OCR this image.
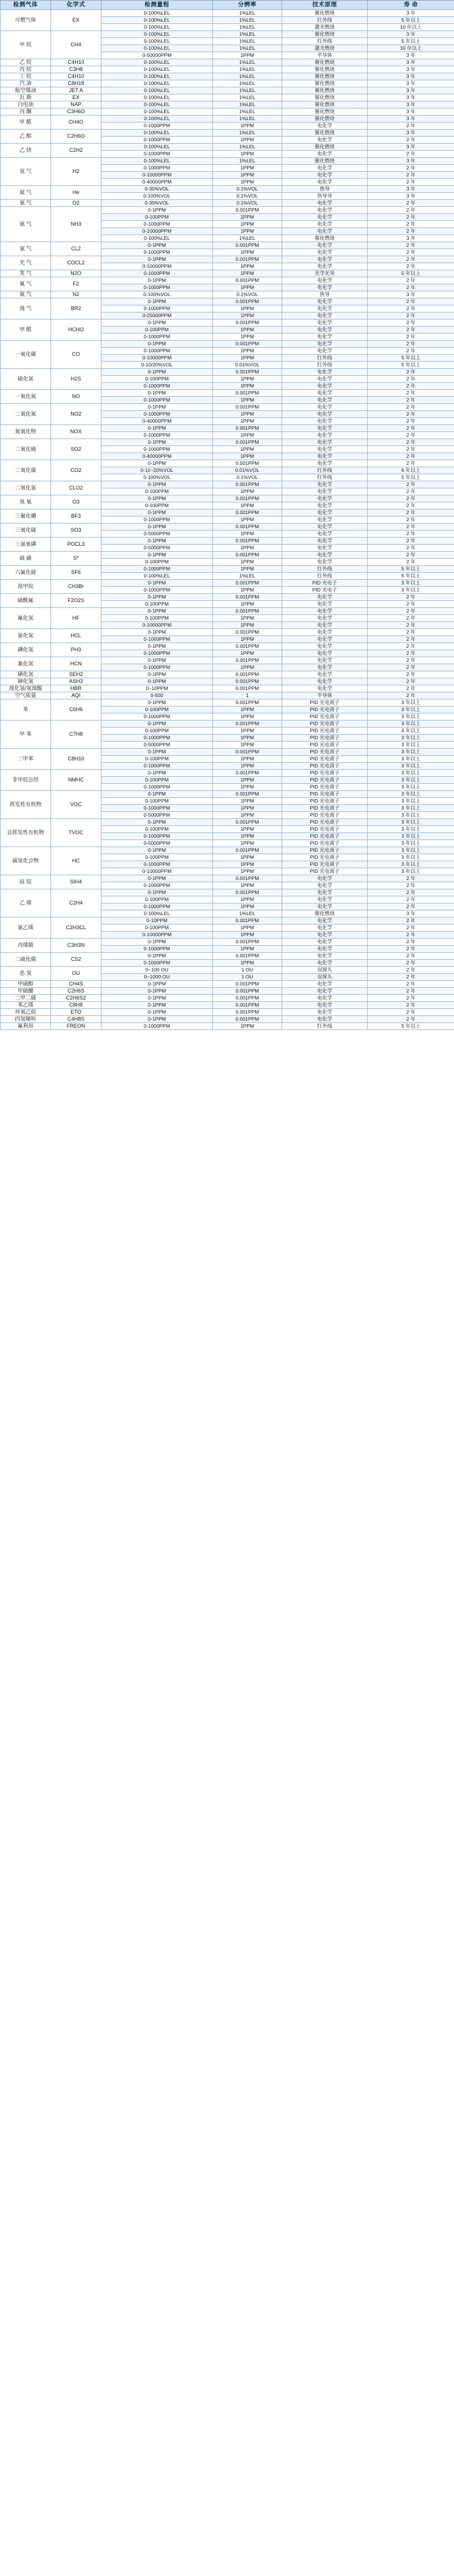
检测气体	化学式	检测量程	分辨率	技术原理	寿 命
可燃气体	EX	0-100%LEL	1%LEL	催化燃烧	3 年
		0-100%LEL	1%LEL	红外线	5 年以上
		0-100%LEL	1%LEL	激光燃烧	10 年以上
甲 烷	CH4	0-100%LEL	1%LEL	催化燃烧	3 年
		0-100%LEL	1%LEL	红外线	5 年以上
		0-100%LEL	1%LEL	激光燃烧	10 年以上
		0-50000PPM	1PPM	半导体	3 年
乙 烷	C4H10	0-100%LEL	1%LEL	催化燃烧	3 年
丙 烷	C3H8	0-100%LEL	1%LEL	催化燃烧	3 年
丁 烷	C4H10	0-100%LEL	1%LEL	催化燃烧	3 年
汽 油	C8H18	0-100%LEL	1%LEL	催化燃烧	3 年
航空煤油	JET A	0-100%LEL	1%LEL	催化燃烧	3 年
瓦 斯	EX	0-100%LEL	1%LEL	催化燃烧	3 年
白电油	NAP	0-100%LEL	1%LEL	催化燃烧	3 年
丙 酮	C3H6O	0-100%LEL	1%LEL	催化燃烧	3 年
甲 醛	CH4O	0-100%LEL	1%LEL	催化燃烧	3 年
		0-1000PPM	1PPM	电化学	2 年
乙 醇	C2H6O	0-100%LEL	1%LEL	催化燃烧	3 年
		0-1000PPM	1PPM	电化学	2 年
乙 炔	C2H2	0-100%LEL	1%LEL	催化燃烧	3 年
		0-1000PPM	1PPM	电化学	2 年
氢 气	H2	0-100%LEL	1%LEL	催化燃烧	3 年
		0-1000PPM	1PPM	电化学	2 年
		0-10000PPM	1PPM	电化学	2 年
		0-40000PPM	1PPM	电化学	2 年
氦 气	He	0-30%VOL	0.1%VOL	热导	3 年
		0-100%VOL	0.1%VOL	热导导	3 年
氧 气	O2	0-30%VOL	0.1%VOL	电化学	2 年
氨 气	NH3	0-1PPM	0.001PPM	电化学	2 年
		0-100PPM	1PPM	电化学	2 年
		0-1000PPM	1PPM	电化学	2 年
		0-10000PPM	1PPM	电化学	2 年
		0-100%LEL	1%LEL	催化燃烧	3 年
氯 气	CL2	0-1PPM	0.001PPM	电化学	2 年
		0-1000PPM	1PPM	电化学	2 年
光 气	COCL2	0-1PPM	0.001PPM	电化学	2 年
		0-10000PPM	1PPM	电化学	2 年
笑 气	N2O	0-1000PPM	1PPM	光学光导	5 年以上
氟 气	F2	0-1PPM	0.001PPM	电化学	2 年
		0-1000PPM	1PPM	电化学	2 年
氮 气	N2	0-100%VOL	0.1%VOL	热导	3 年
溴 气	BR2	0-1PPM	0.001PPM	电化学	2 年
		0-1000PPM	1PPM	电化学	2 年
		0-25000PPM	1PPM	电化学	2 年
甲 醛	HCHO	0-1PPM	0.001PPM	电化学	2 年
		0-100PPM	1PPM	电化学	2 年
		0-1000PPM	1PPM	电化学	2 年
一氧化碳	CO	0-1PPM	0.001PPM	电化学	2 年
		0-1000PPM	1PPM	电化学	2 年
		0-10000PPM	1PPM	红外线	5 年以上
		0-10/20%VOL	0.01%VOL	红外线	5 年以上
硫化氢	H2S	0-1PPM	0.001PPM	电化学	2 年
		0-100PPM	1PPM	电化学	2 年
		0-1000PPM	1PPM	电化学	2 年
一氧化氮	NO	0-1PPM	0.001PPM	电化学	2 年
		0-1000PPM	1PPM	电化学	2 年
二氧化氮	NO2	0-1PPM	0.001PPM	电化学	2 年
		0-1000PPM	1PPM	电化学	2 年
		0-40000PPM	1PPM	电化学	2 年
氮氧化物	NOX	0-1PPM	0.001PPM	电化学	2 年
		0-1000PPM	1PPM	电化学	2 年
二氧化硫	SO2	0-1PPM	0.001PPM	电化学	2 年
		0-1000PPM	1PPM	电化学	2 年
		0-40000PPM	1PPM	电化学	2 年
二氧化碳	CO2	0-1PPM	0.001PPM	电化学	2 年
		0-10~20%VOL	0.01%VOL	红外线	6 年以上
		0-100%VOL	0.1%VOL	红外线	5 年以上
二氧化氯	CLO2	0-1PPM	0.001PPM	电化学	2 年
		0-100PPM	1PPM	电化学	2 年
臭 氧	O3	0-1PPM	0.001PPM	电化学	2 年
		0-100PPM	1PPM	电化学	2 年
三氟化硼	BF3	0-1PPM	0.001PPM	电化学	2 年
		0-1000PPM	1PPM	电化学	2 年
三氧化硫	SO3	0-1PPM	0.001PPM	电化学	2 年
		0-5000PPM	1PPM	电化学	2 年
三氯氧磷	POCL3	0-1PPM	0.001PPM	电化学	2 年
		0-5000PPM	1PPM	电化学	2 年
硫 磺	S*	0-1PPM	0.001PPM	电化学	2 年
		0-100PPM	1PPM	电化学	2 年
六氟化硫	SF6	0-1000PPM	1PPM	红外线	5 年以上
		0-100%LEL	1%LEL	红外线	5 年以上
溴甲烷	CH3Br	0-1PPM	0.001PPM	PID 光电子	3 年以上
		0-1000PPM	1PPM	PID 光电子	3 年以上
硫酰氟	F2O2S	0-1PPM	0.001PPM	电化学	2 年
		0-100PPM	1PPM	电化学	2 年
氟化氢	HF	0-1PPM	0.001PPM	电化学	2 年
		0-100PPM	1PPM	电化学	2 年
		0-10000PPM	1PPM	电化学	2 年
氯化氢	HCL	0-1PPM	0.001PPM	电化学	2 年
		0-1000PPM	1PPM	电化学	2 年
磷化氢	PH3	0-1PPM	0.001PPM	电化学	2 年
		0-1000PPM	1PPM	电化学	2 年
氰化氢	HCN	0-1PPM	0.001PPM	电化学	2 年
		0-1000PPM	1PPM	电化学	2 年
硒化氢	SEH2	0-1PPM	0.001PPM	电化学	2 年
砷化氢	ASH3	0-1PPM	0.001PPM	电化学	2 年
溴化氢/氢溴酸	HBR	0~10PPM	0.001PPM	电化学	2 年
空气质量	AQI	0-500	1	半导体	2 年
苯	C6H6	0-1PPM	0.001PPM	PID 光电离子	3 年以上
		0-100PPM	1PPM	PID 光电离子	3 年以上
		0-1000PPM	1PPM	PID 光电离子	3 年以上
甲 苯	C7H8	0-1PPM	0.001PPM	PID 光电离子	3 年以上
		0-100PPM	1PPM	PID 光电离子	3 年以上
		0-1000PPM	1PPM	PID 光电离子	3 年以上
		0-5000PPM	1PPM	PID 光电离子	3 年以上
二甲苯	C8H10	0-1PPM	0.001PPM	PID 光电离子	3 年以上
		0-100PPM	1PPM	PID 光电离子	3 年以上
		0-1000PPM	1PPM	PID 光电离子	3 年以上
非甲烷总烃	NMHC	0-1PPM	0.001PPM	PID 光电离子	3 年以上
		0-100PPM	1PPM	PID 光电离子	3 年以上
		0-1000PPM	1PPM	PID 光电离子	3 年以上
挥发性有机物	VOC	0-1PPM	0.001PPM	PID 光电离子	3 年以上
		0-100PPM	1PPM	PID 光电离子	3 年以上
		0-1000PPM	1PPM	PID 光电离子	3 年以上
		0-5000PPM	1PPM	PID 光电离子	3 年以上
总挥发性有机物	TVOC	0-1PPM	0.001PPM	PID 光电离子	3 年以上
		0-100PPM	1PPM	PID 光电离子	3 年以上
		0-1000PPM	1PPM	PID 光电离子	3 年以上
		0-5000PPM	1PPM	PID 光电离子	3 年以上
碳氢化合物	HC	0-1PPM	0.001PPM	PID 光电离子	3 年以上
		0-100PPM	1PPM	PID 光电离子	3 年以上
		0-1000PPM	1PPM	PID 光电离子	3 年以上
		0-10000PPM	1PPM	PID 光电离子	3 年以上
硅 烷	SIH4	0-1PPM	0.001PPM	电化学	2 年
		0-1000PPM	1PPM	电化学	2 年
乙 烯	C2H4	0-1PPM	0.001PPM	电化学	2 年
		0-100PPM	1PPM	电化学	2 年
		0-1000PPM	1PPM	电化学	2 年
		0-100%LEL	1%LEL	催化燃烧	3 年
氯乙烯	C2H3CL	0-10PPM	0.001PPM	电化学	2 年
		0-100PPM	1PPM	电化学	2 年
		0-10000PPM	1PPM	电化学	2 年
丙烯腈	C3H3N	0-1PPM	0.001PPM	电化学	2 年
		0-1000PPM	1PPM	电化学	2 年
二硫化碳	CS2	0-1PPM	0.001PPM	电化学	2 年
		0-1000PPM	1PPM	电化学	2 年
恶 臭	OU	0~100 OU	1 OU	双探头	2 年
		0~1000 OU	1 OU	双探头	2 年
甲硫醇	CH4S	0-1PPM	0.001PPM	电化学	2 年
甲硫醚	C2H6S	0-1PPM	0.001PPM	电化学	2 年
二甲二硫	C2H6S2	0-1PPM	0.001PPM	电化学	2 年
苯乙烯	C8H8	0-1PPM	0.001PPM	电化学	2 年
环氧乙烷	ETO	0-1PPM	0.001PPM	电化学	2 年
四氢噻吩	C4H8S	0-1PPM	0.001PPM	电化学	2 年
氟利昂	FREON	0-1000PPM	1PPM	红外线	5 年以上
